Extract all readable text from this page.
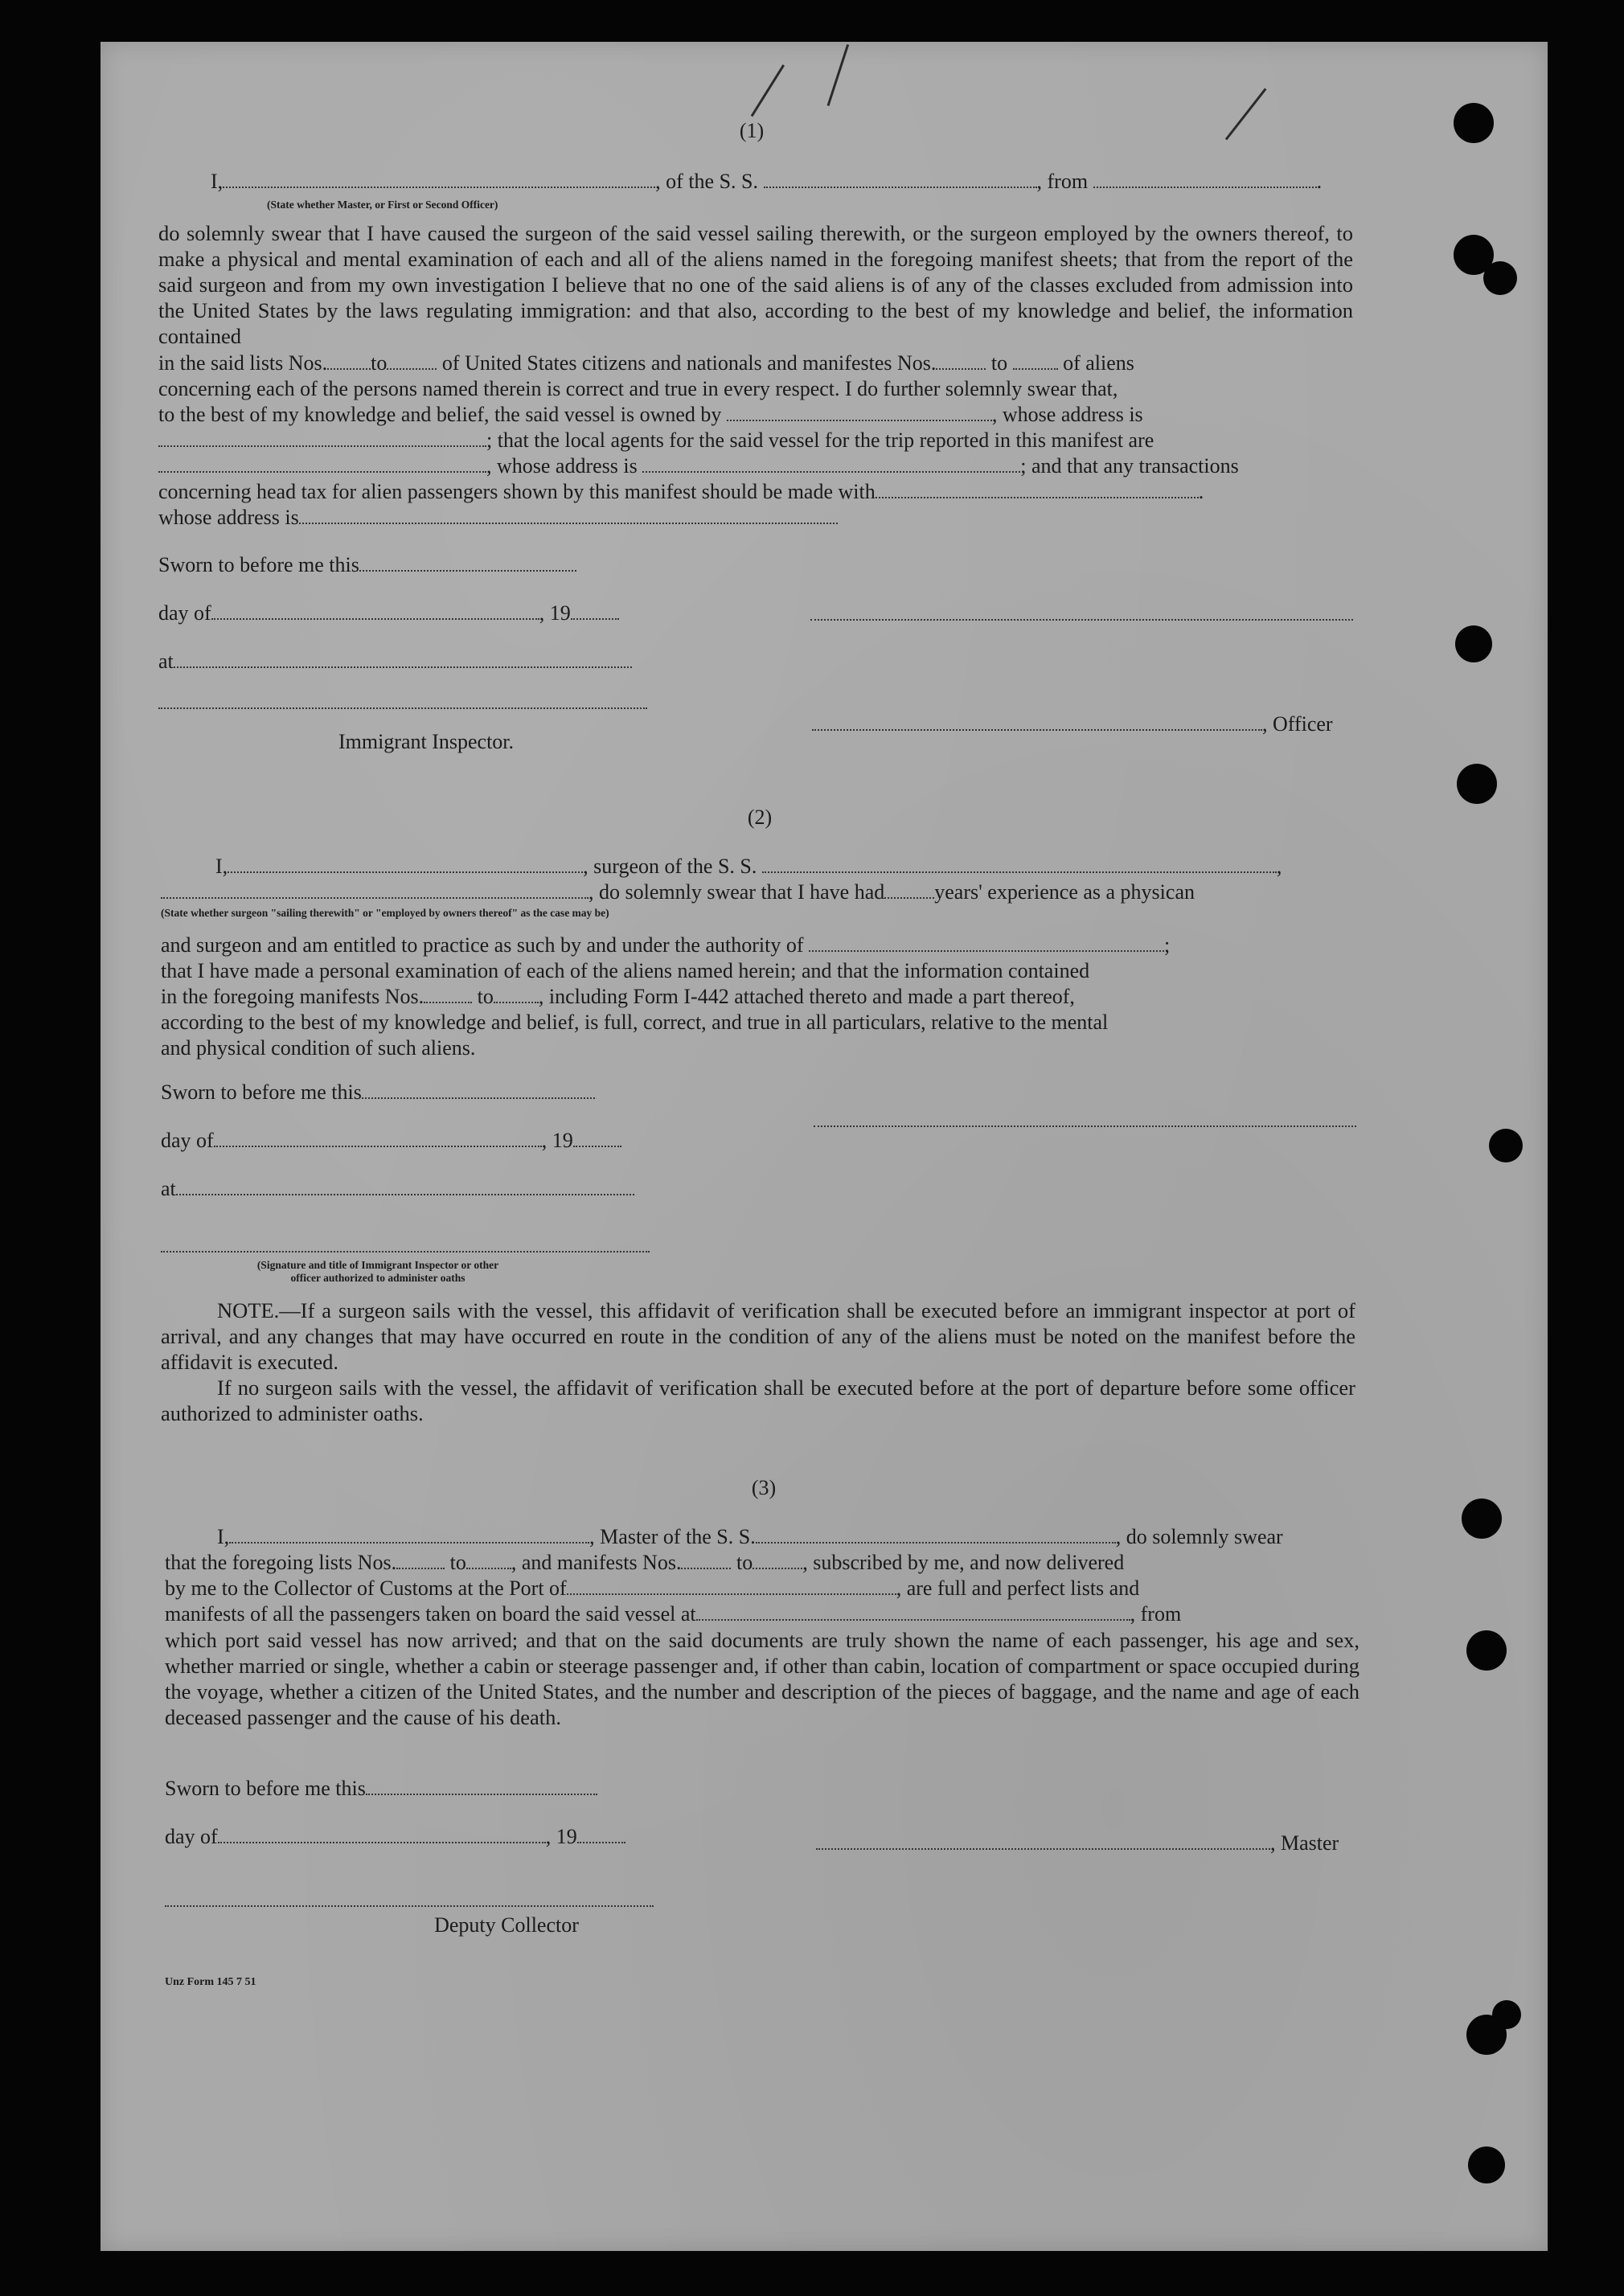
(1)
I,	, of the S. S.	, from	.
(State whether Master, or First or Second Officer)

do solemnly swear that I have caused the surgeon of the said vessel sailing therewith, or the surgeon employed by the owners thereof, to make a physical and mental examination of each and all of the aliens named in the foregoing manifest sheets; that from the report of the said surgeon and from my own investigation I believe that no one of the said aliens is of any of the classes excluded from admission into the United States by the laws regulating immigration: and that also, according to the best of my knowledge and belief, the information contained

in the said lists Nos. to	of United States citizens and nationals and manifestes Nos.	to	of aliens
concerning each of the persons named therein is correct and true in every respect. I do further solemnly swear that,
to the best of my knowledge and belief, the said vessel is owned by	, whose address is
; that the local agents for the said vessel for the trip reported in this manifest are
, whose address is	; and that any transactions
concerning head tax for alien passengers shown by this manifest should be made with	.
whose address is
Sworn to before me this
day of	, 19
at
, Officer
Immigrant Inspector.
(2)
I,	, surgeon of the S. S.	,
, do solemnly swear that I have had years' experience as a physican
(State whether surgeon "sailing therewith" or "employed by owners thereof" as the case may be)
and surgeon and am entitled to practice as such by and under the authority of	;
that I have made a personal examination of each of the aliens named herein; and that the information contained
in the foregoing manifests Nos.	to , including Form I-442 attached thereto and made a part thereof,
according to the best of my knowledge and belief, is full, correct, and true in all particulars, relative to the mental
and physical condition of such aliens.
Sworn to before me this
day of	, 19
at
(Signature and title of Immigrant Inspector or other
officer authorized to administer oaths

NOTE.—If a surgeon sails with the vessel, this affidavit of verification shall be executed before an immigrant inspector at port of arrival, and any changes that may have occurred en route in the condition of any of the aliens must be noted on the manifest before the affidavit is executed.

If no surgeon sails with the vessel, the affidavit of verification shall be executed before at the port of departure before some officer authorized to administer oaths.

(3)
I,	, Master of the S. S.	, do solemnly swear
that the foregoing lists Nos.	to , and manifests Nos.	to , subscribed by me, and now delivered
by me to the Collector of Customs at the Port of	, are full and perfect lists and
manifests of all the passengers taken on board the said vessel at	, from

which port said vessel has now arrived; and that on the said documents are truly shown the name of each passenger, his age and sex, whether married or single, whether a cabin or steerage passenger and, if other than cabin, location of compartment or space occupied during the voyage, whether a citizen of the United States, and the number and description of the pieces of baggage, and the name and age of each deceased passenger and the cause of his death.

Sworn to before me this
day of	, 19	, Master
Deputy Collector
Unz Form 145 7 51
